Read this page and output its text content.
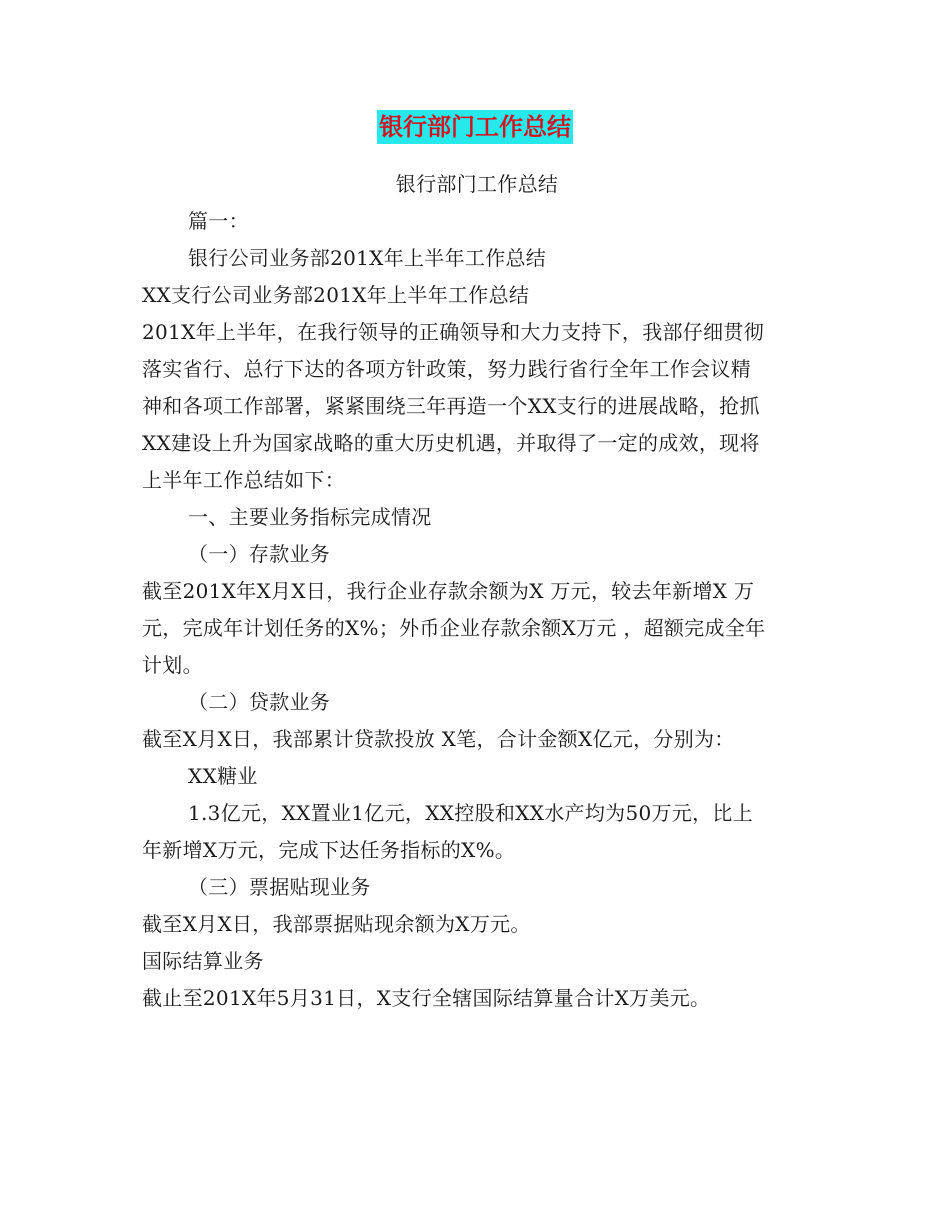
银行部门工作总结
银行部门工作总结
篇一：
银行公司业务部201X年上半年工作总结
XX支行公司业务部201X年上半年工作总结
201X年上半年，在我行领导的正确领导和大力支持下，我部仔细贯彻
落实省行、总行下达的各项方针政策，努力践行省行全年工作会议精
神和各项工作部署，紧紧围绕三年再造一个XX支行的进展战略，抢抓
XX建设上升为国家战略的重大历史机遇，并取得了一定的成效，现将
上半年工作总结如下：
一、主要业务指标完成情况
（一）存款业务
截至201X年X月X日，我行企业存款余额为X 万元，较去年新增X 万
元，完成年计划任务的X%；外币企业存款余额X万元 ，超额完成全年
计划。
（二）贷款业务
截至X月X日，我部累计贷款投放 X笔，合计金额X亿元，分别为：
XX糖业
1.3亿元，XX置业1亿元，XX控股和XX水产均为50万元，比上
年新增X万元，完成下达任务指标的X%。
（三）票据贴现业务
截至X月X日，我部票据贴现余额为X万元。
国际结算业务
截止至201X年5月31日，X支行全辖国际结算量合计X万美元。
